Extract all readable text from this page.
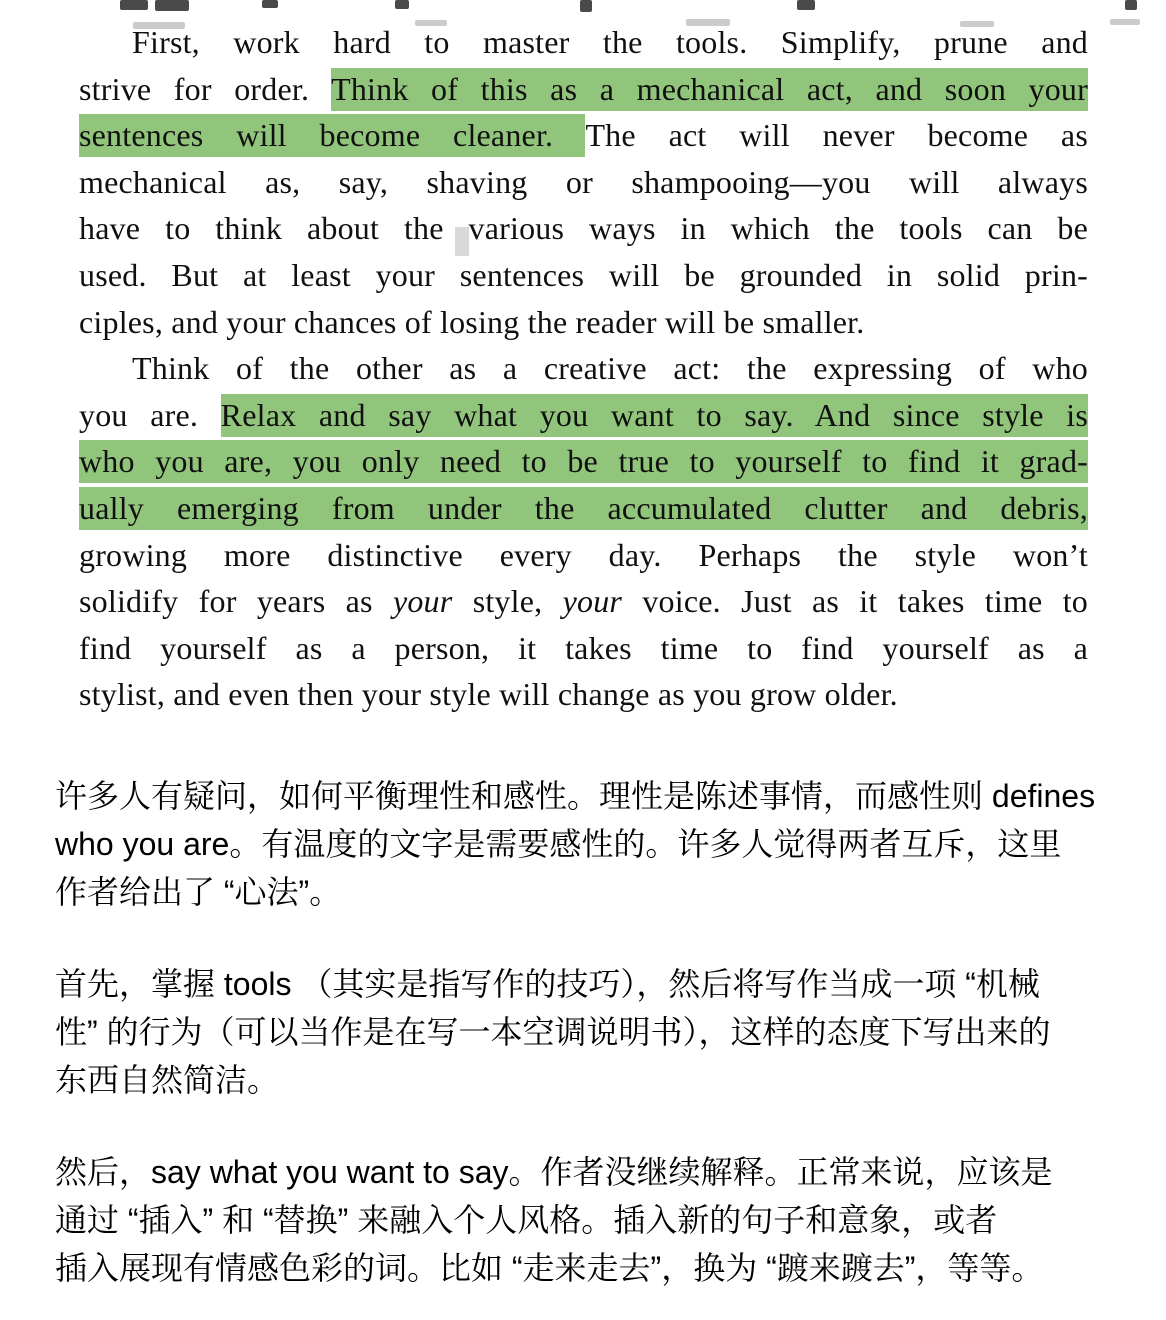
First, work hard to master the tools. Simplify, prune and
strive for order. Think of this as a mechanical act, and soon your
sentences will become cleaner. The act will never become as
mechanical as, say, shaving or shampooing—you will always
have to think about the various ways in which the tools can be
used. But at least your sentences will be grounded in solid prin-
ciples, and your chances of losing the reader will be smaller.
Think of the other as a creative act: the expressing of who
you are. Relax and say what you want to say. And since style is
who you are, you only need to be true to yourself to find it grad-
ually emerging from under the accumulated clutter and debris,
growing more distinctive every day. Perhaps the style won’t
solidify for years as your style, your voice. Just as it takes time to
find yourself as a person, it takes time to find yourself as a
stylist, and even then your style will change as you grow older.
许多人有疑问，如何平衡理性和感性。理性是陈述事情，而感性则 defines
who you are。有温度的文字是需要感性的。许多人觉得两者互斥，这里
作者给出了 “心法”。
首先，掌握 tools （其实是指写作的技巧），然后将写作当成一项 “机械
性” 的行为（可以当作是在写一本空调说明书），这样的态度下写出来的
东西自然简洁。
然后，say what you want to say。作者没继续解释。正常来说，应该是
通过 “插入” 和 “替换” 来融入个人风格。插入新的句子和意象，或者
插入展现有情感色彩的词。比如 “走来走去”，换为 “踱来踱去”，等等。
